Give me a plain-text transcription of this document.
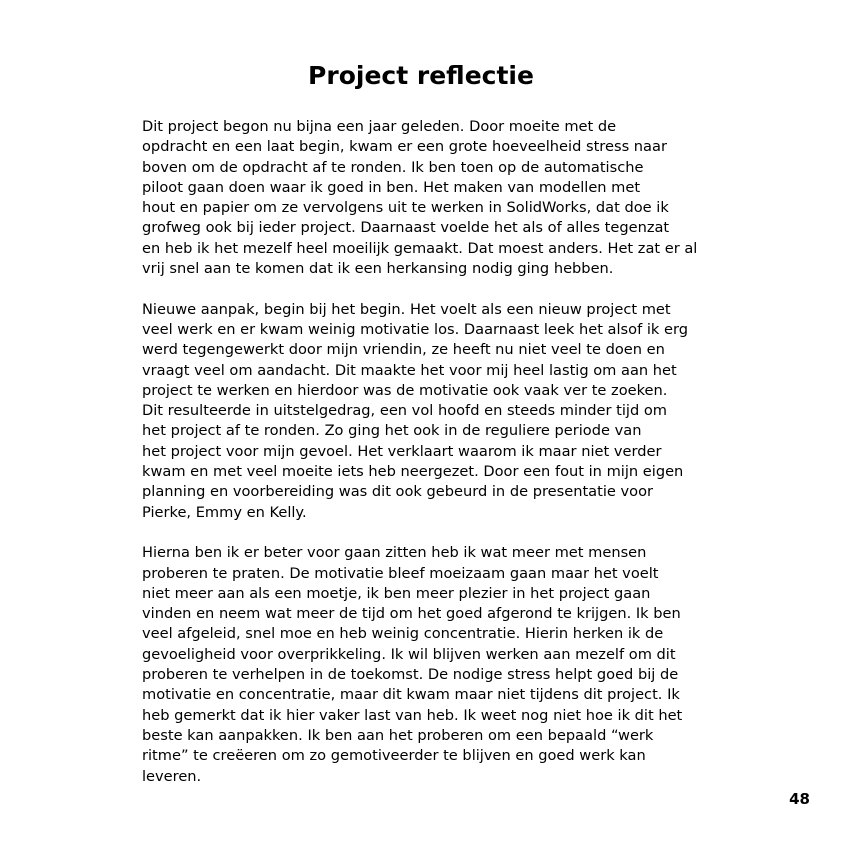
Project reflectie

Dit project begon nu bijna een jaar geleden. Door moeite met de
opdracht en een laat begin, kwam er een grote hoeveelheid stress naar
boven om de opdracht af te ronden. Ik ben toen op de automatische
piloot gaan doen waar ik goed in ben. Het maken van modellen met
hout en papier om ze vervolgens uit te werken in SolidWorks, dat doe ik
grofweg ook bij ieder project. Daarnaast voelde het als of alles tegenzat
en heb ik het mezelf heel moeilijk gemaakt. Dat moest anders. Het zat er al
vrij snel aan te komen dat ik een herkansing nodig ging hebben.

Nieuwe aanpak, begin bij het begin. Het voelt als een nieuw project met
veel werk en er kwam weinig motivatie los. Daarnaast leek het alsof ik erg
werd tegengewerkt door mijn vriendin, ze heeft nu niet veel te doen en
vraagt veel om aandacht. Dit maakte het voor mij heel lastig om aan het
project te werken en hierdoor was de motivatie ook vaak ver te zoeken.
Dit resulteerde in uitstelgedrag, een vol hoofd en steeds minder tijd om
het project af te ronden. Zo ging het ook in de reguliere periode van
het project voor mijn gevoel. Het verklaart waarom ik maar niet verder
kwam en met veel moeite iets heb neergezet. Door een fout in mijn eigen
planning en voorbereiding was dit ook gebeurd in de presentatie voor
Pierke, Emmy en Kelly.

Hierna ben ik er beter voor gaan zitten heb ik wat meer met mensen
proberen te praten. De motivatie bleef moeizaam gaan maar het voelt
niet meer aan als een moetje, ik ben meer plezier in het project gaan
vinden en neem wat meer de tijd om het goed afgerond te krijgen. Ik ben
veel afgeleid, snel moe en heb weinig concentratie. Hierin herken ik de
gevoeligheid voor overprikkeling. Ik wil blijven werken aan mezelf om dit
proberen te verhelpen in de toekomst. De nodige stress helpt goed bij de
motivatie en concentratie, maar dit kwam maar niet tijdens dit project. Ik
heb gemerkt dat ik hier vaker last van heb. Ik weet nog niet hoe ik dit het
beste kan aanpakken. Ik ben aan het proberen om een bepaald “werk
ritme” te creëeren om zo gemotiveerder te blijven en goed werk kan
leveren.

48
